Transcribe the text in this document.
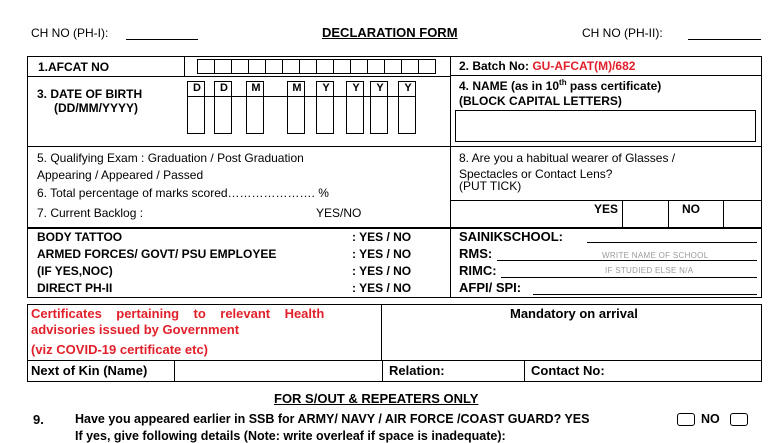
CH NO (PH-I):	DECLARATION FORM	CH NO (PH-II):
1.AFCAT NO	2. Batch No: GU-AFCAT(M)/682
3. DATE OF BIRTH
(DD/MM/YYYY)
D	D	M	M	Y	Y	Y	Y	4. NAME (as in 10th pass certificate)
(BLOCK CAPITAL LETTERS)
5. Qualifying Exam : Graduation / Post Graduation
Appearing / Appeared / Passed
6. Total percentage of marks scored…………………. %
7. Current Backlog :	YES/NO
8. Are you a habitual wearer of Glasses /
Spectacles or Contact Lens?
(PUT TICK)
YES	NO
BODY TATTOO	: YES / NO
ARMED FORCES/ GOVT/ PSU EMPLOYEE	: YES / NO
(IF YES,NOC)	: YES / NO
DIRECT PH-II	: YES / NO
SAINIKSCHOOL:
RMS:
RIMC:
AFPI/ SPI:
WRITE NAME OF SCHOOL
IF STUDIED ELSE N/A
Certificates    pertaining    to    relevant    Health
advisories issued by Government
(viz COVID-19 certificate etc)
Mandatory on arrival
Next of Kin (Name)	Relation:	Contact No:
FOR S/OUT & REPEATERS ONLY
9. Have you appeared earlier in SSB for ARMY/ NAVY / AIR FORCE /COAST GUARD? YES	NO
If yes, give following details (Note: write overleaf if space is inadequate):
